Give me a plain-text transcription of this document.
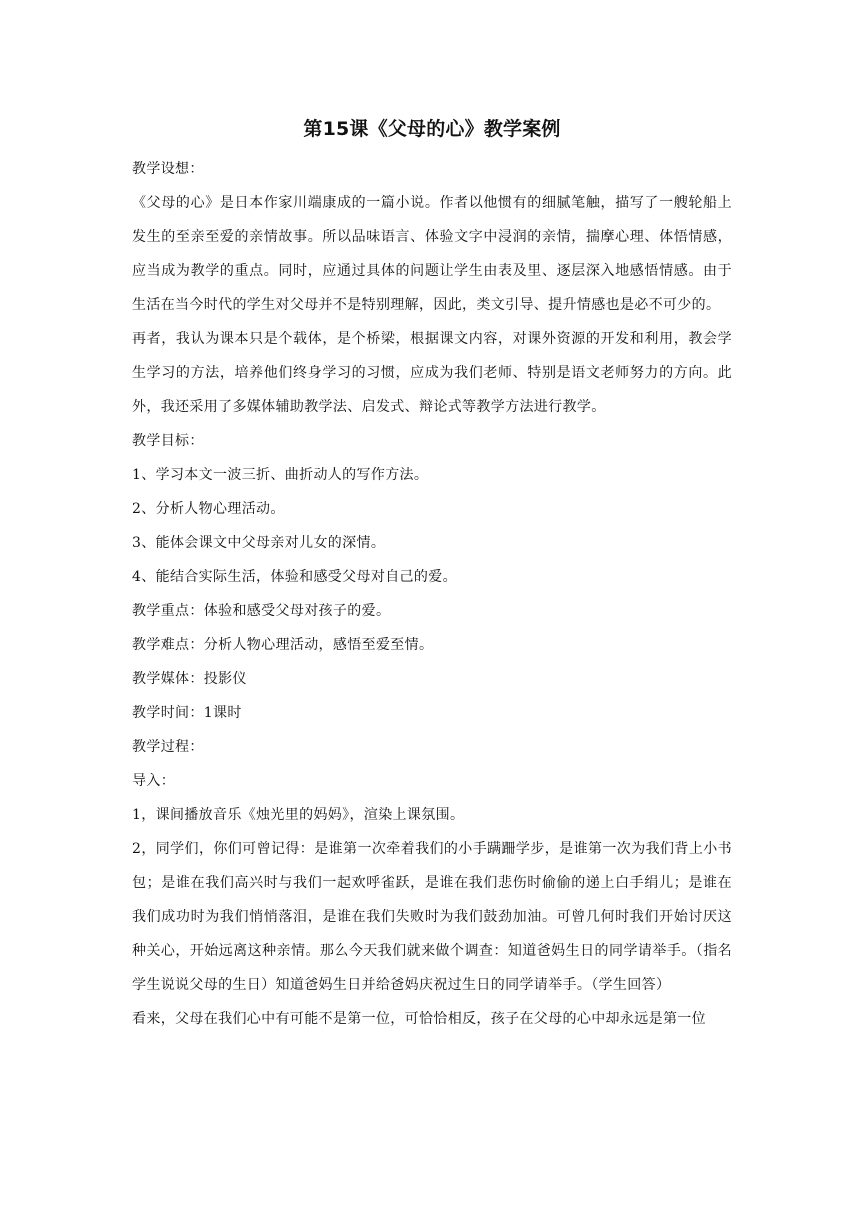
第15课《父母的心》教学案例

教学设想：

《父母的心》是日本作家川端康成的一篇小说。作者以他惯有的细腻笔触，描写了一艘轮船上发生的至亲至爱的亲情故事。所以品味语言、体验文字中浸润的亲情，揣摩心理、体悟情感，应当成为教学的重点。同时，应通过具体的问题让学生由表及里、逐层深入地感悟情感。由于生活在当今时代的学生对父母并不是特别理解，因此，类文引导、提升情感也是必不可少的。

再者，我认为课本只是个载体，是个桥梁，根据课文内容，对课外资源的开发和利用，教会学生学习的方法，培养他们终身学习的习惯，应成为我们老师、特别是语文老师努力的方向。此外，我还采用了多媒体辅助教学法、启发式、辩论式等教学方法进行教学。

教学目标：

1、学习本文一波三折、曲折动人的写作方法。

2、分析人物心理活动。

3、能体会课文中父母亲对儿女的深情。

4、能结合实际生活，体验和感受父母对自己的爱。

教学重点：体验和感受父母对孩子的爱。

教学难点：分析人物心理活动，感悟至爱至情。

教学媒体：投影仪

教学时间：1课时

教学过程：

导入：

1，课间播放音乐《烛光里的妈妈》，渲染上课氛围。

2，同学们，你们可曾记得：是谁第一次牵着我们的小手蹒跚学步，是谁第一次为我们背上小书包；是谁在我们高兴时与我们一起欢呼雀跃，是谁在我们悲伤时偷偷的递上白手绢儿；是谁在我们成功时为我们悄悄落泪，是谁在我们失败时为我们鼓劲加油。可曾几何时我们开始讨厌这种关心，开始远离这种亲情。那么今天我们就来做个调查：知道爸妈生日的同学请举手。（指名学生说说父母的生日）知道爸妈生日并给爸妈庆祝过生日的同学请举手。（学生回答）

看来，父母在我们心中有可能不是第一位，可恰恰相反，孩子在父母的心中却永远是第一位
